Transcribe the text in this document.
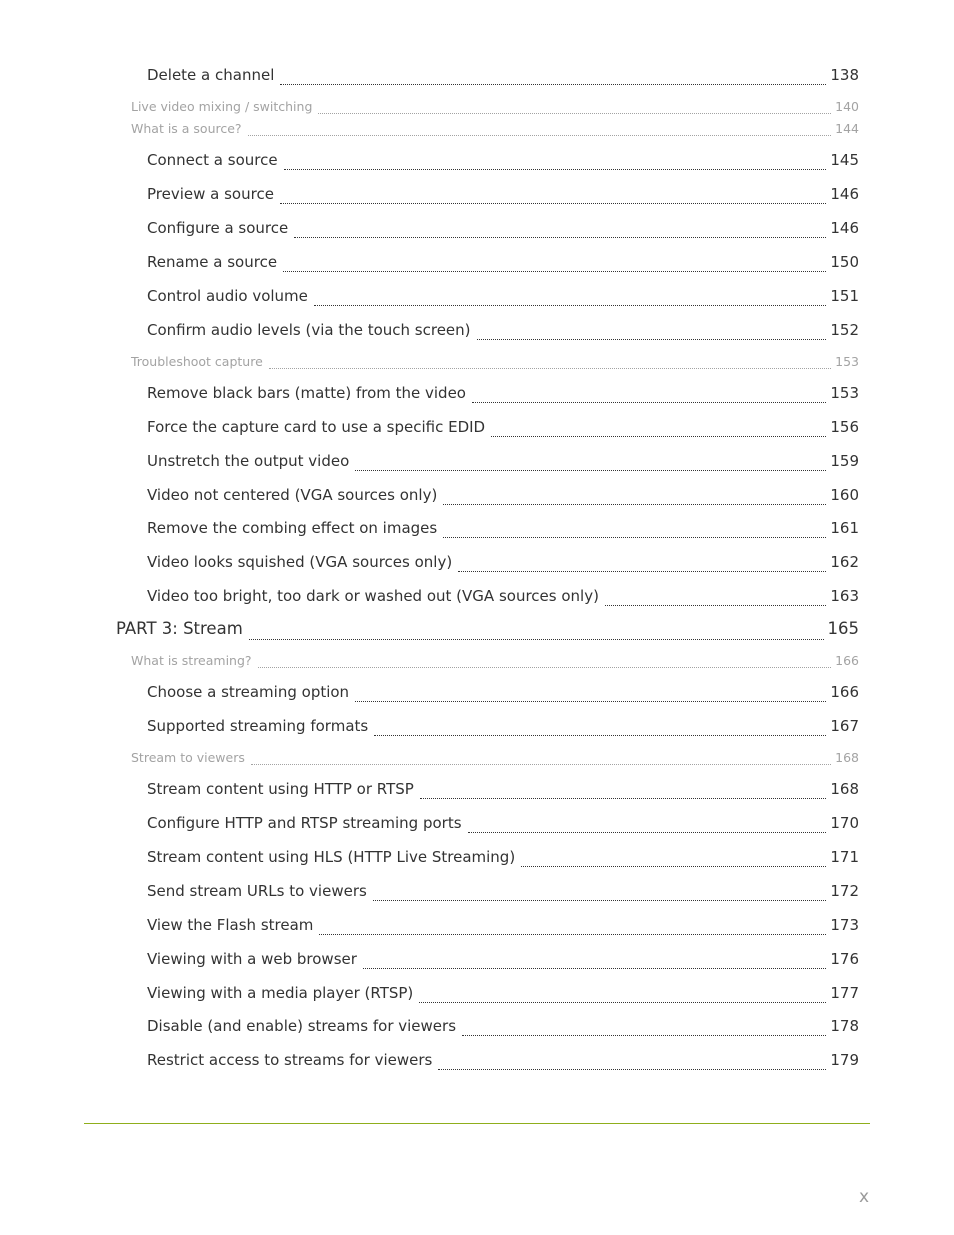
Delete a channel	138
Live video mixing / switching	140
What is a source?	144
Connect a source	145
Preview a source	146
Configure a source	146
Rename a source	150
Control audio volume	151
Confirm audio levels (via the touch screen)	152
Troubleshoot capture	153
Remove black bars (matte) from the video	153
Force the capture card to use a specific EDID	156
Unstretch the output video	159
Video not centered (VGA sources only)	160
Remove the combing effect on images	161
Video looks squished (VGA sources only)	162
Video too bright, too dark or washed out (VGA sources only)	163
PART 3: Stream	165
What is streaming?	166
Choose a streaming option	166
Supported streaming formats	167
Stream to viewers	168
Stream content using HTTP or RTSP	168
Configure HTTP and RTSP streaming ports	170
Stream content using HLS (HTTP Live Streaming)	171
Send stream URLs to viewers	172
View the Flash stream	173
Viewing with a web browser	176
Viewing with a media player (RTSP)	177
Disable (and enable) streams for viewers	178
Restrict access to streams for viewers	179
x
